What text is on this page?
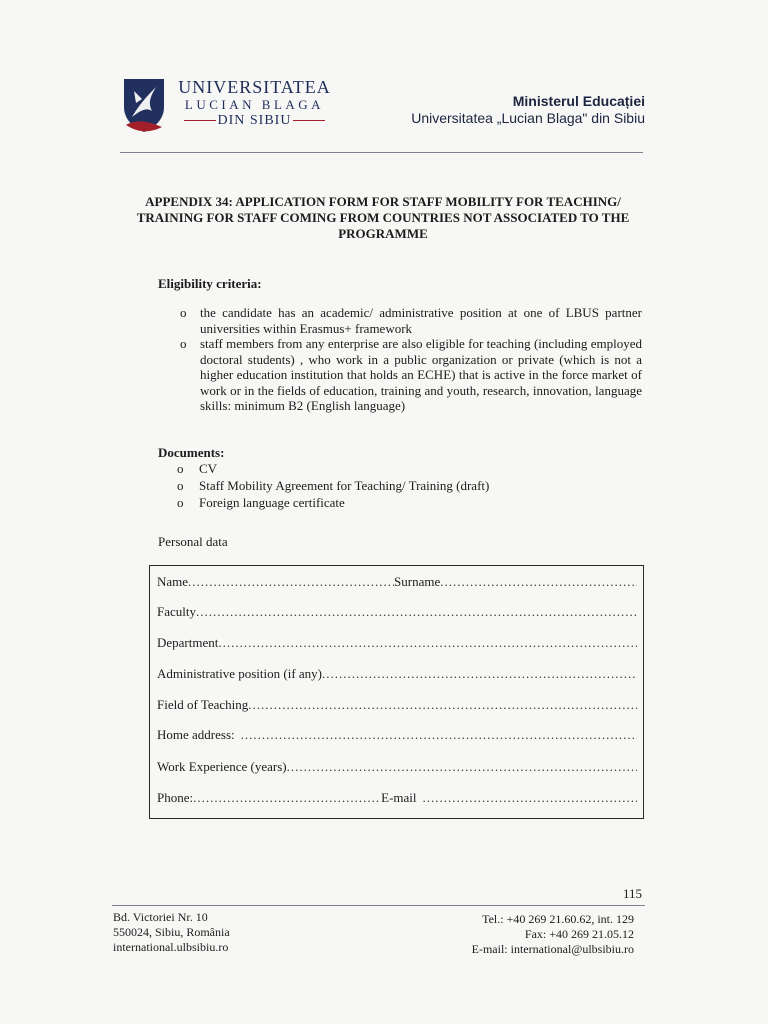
UNIVERSITATEA
LUCIAN BLAGA
DIN SIBIU
Ministerul Educației
Universitatea „Lucian Blaga" din Sibiu
APPENDIX 34: APPLICATION FORM FOR STAFF MOBILITY FOR TEACHING/ TRAINING FOR STAFF COMING FROM COUNTRIES NOT ASSOCIATED TO THE PROGRAMME
Eligibility criteria:
o the candidate has an academic/ administrative position at one of LBUS partner universities within Erasmus+ framework
o staff members from any enterprise are also eligible for teaching (including employed doctoral students) , who work in a public organization or private (which is not a higher education institution that holds an ECHE) that is active in the force market of work or in the fields of education, training and youth, research, innovation, language skills: minimum B2 (English language)
Documents:
o CV
o Staff Mobility Agreement for Teaching/ Training (draft)
o Foreign language certificate
Personal data
Name .....	Surname
.....
Faculty
.....
Department
.....
Administrative position (if any)
.....
Field of Teaching
.....
Home address:
.....
Work Experience (years)
.....
Phone: .....	E-mail
.....
115
Bd. Victoriei Nr. 10
550024, Sibiu, România
international.ulbsibiu.ro
Tel.: +40 269 21.60.62, int. 129
Fax: +40 269 21.05.12
E-mail: international@ulbsibiu.ro
